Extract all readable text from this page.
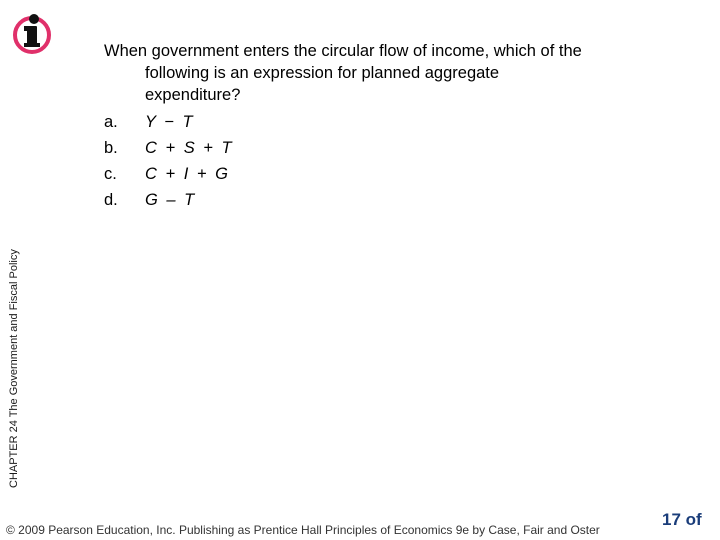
CHAPTER 24 The Government and Fiscal Policy
When government enters the circular flow of income, which of the
following is an expression for planned aggregate
expenditure?
a. Y − T
b. C + S + T
c. C + I + G
d. G – T
© 2009 Pearson Education, Inc. Publishing as Prentice Hall Principles of Economics 9e by Case, Fair and Oster
17 of
